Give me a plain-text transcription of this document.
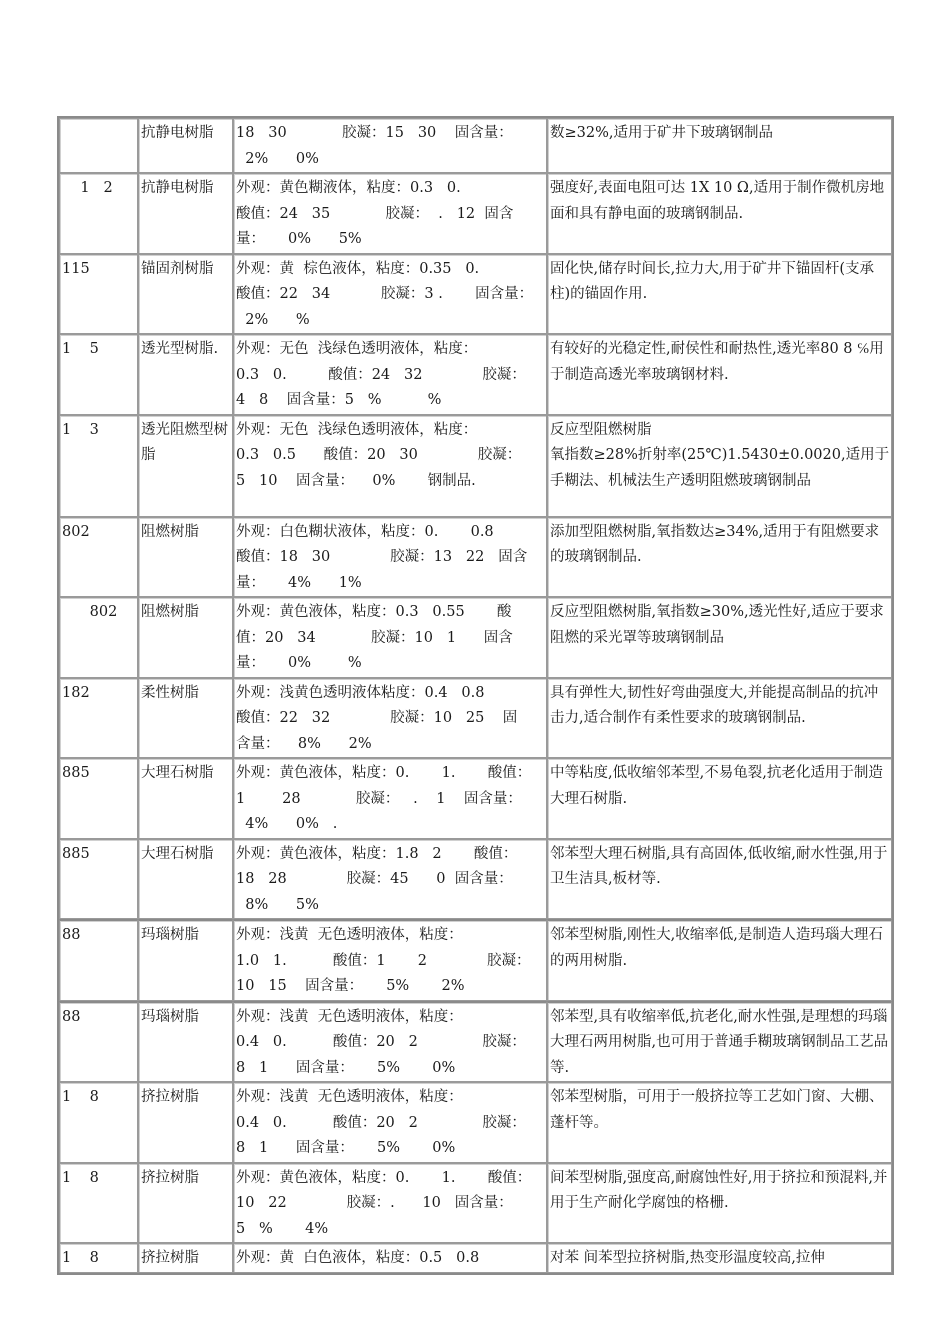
	抗静电树脂	18   30            胶凝：15   30    固含量：
2%      0%	数≥32%,适用于矿井下玻璃钢制品
1   2	抗静电树脂	外观：黄色糊液体，粘度：0.3   0.
酸值：24   35            胶凝：  .   12  固含
量：     0%      5%	强度好,表面电阻可达 1X 10 Ω,适用于制作微机房地面和具有静电面的玻璃钢制品.
115	锚固剂树脂	外观：黄  棕色液体，粘度：0.35   0.
酸值：22   34           胶凝：3 .       固含量：
2%      %	固化快,储存时间长,拉力大,用于矿井下锚固杆(支承柱)的锚固作用.
1    5	透光型树脂.	外观：无色  浅绿色透明液体，粘度：
0.3   0.         酸值：24   32             胶凝：
4   8    固含量：5   %          %	有较好的光稳定性,耐侯性和耐热性,透光率80 8 ℅用于制造高透光率玻璃钢材料.
1    3	透光阻燃型树脂	外观：无色  浅绿色透明液体，粘度：
0.3   0.5      酸值：20   30             胶凝：
5   10    固含量：    0%       钢制品.	反应型阻燃树脂
氧指数≥28%折射率(25℃)1.5430±0.0020,适用于手糊法、机械法生产透明阻燃玻璃钢制品
802	阻燃树脂	外观：白色糊状液体，粘度：0.       0.8
酸值：18   30             胶凝：13   22   固含
量：     4%      1%	添加型阻燃树脂,氧指数达≥34%,适用于有阻燃要求的玻璃钢制品.
802	阻燃树脂	外观：黄色液体，粘度：0.3   0.55       酸
值：20   34            胶凝：10   1      固含
量：     0%        %	反应型阻燃树脂,氧指数≥30%,透光性好,适应于要求阻燃的采光罩等玻璃钢制品
182	柔性树脂	外观：浅黄色透明液体粘度：0.4   0.8
酸值：22   32             胶凝：10   25    固
含量：    8%      2%	具有弹性大,韧性好弯曲强度大,并能提高制品的抗冲击力,适合制作有柔性要求的玻璃钢制品.
885	大理石树脂	外观：黄色液体，粘度：0.       1.       酸值：
1        28            胶凝：   .    1    固含量：
4%      0%   .	中等粘度,低收缩邻苯型,不易龟裂,抗老化适用于制造大理石树脂.
885	大理石树脂	外观：黄色液体，粘度：1.8   2       酸值：
18   28             胶凝：45      0  固含量：
8%      5%	邻苯型大理石树脂,具有高固体,低收缩,耐水性强,用于卫生洁具,板材等.
88	玛瑙树脂	外观：浅黄  无色透明液体，粘度：
1.0   1.          酸值：1       2             胶凝：
10   15    固含量：     5%       2%	邻苯型树脂,刚性大,收缩率低,是制造人造玛瑙大理石的两用树脂.
88	玛瑙树脂	外观：浅黄  无色透明液体，粘度：
0.4   0.          酸值：20   2              胶凝：
8   1      固含量：     5%       0%	邻苯型,具有收缩率低,抗老化,耐水性强,是理想的玛瑙大理石两用树脂,也可用于普通手糊玻璃钢制品工艺品等.
1    8	挤拉树脂	外观：浅黄  无色透明液体，粘度：
0.4   0.          酸值：20   2              胶凝：
8   1      固含量：     5%       0%	邻苯型树脂，可用于一般挤拉等工艺如门窗、大棚、蓬杆等。
1    8	挤拉树脂	外观：黄色液体，粘度：0.       1.       酸值：
10   22             胶凝：.      10   固含量：
5   %       4%	间苯型树脂,强度高,耐腐蚀性好,用于挤拉和预混料,并用于生产耐化学腐蚀的格栅.
1    8	挤拉树脂	外观：黄  白色液体，粘度：0.5   0.8	对苯 间苯型拉挤树脂,热变形温度较高,拉伸
